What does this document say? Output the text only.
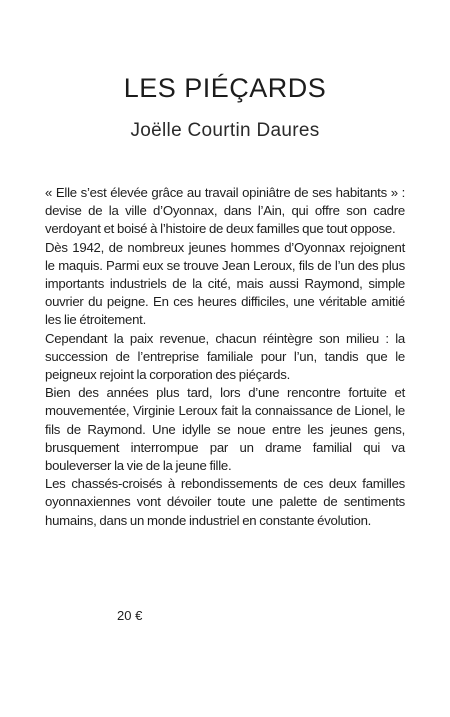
LES PIÉÇARDS
Joëlle Courtin Daures

« Elle s’est élevée grâce au travail opiniâtre de ses habitants » : devise de la ville d’Oyonnax, dans l’Ain, qui offre son cadre verdoyant et boisé à l’histoire de deux familles que tout oppose.

Dès 1942, de nombreux jeunes hommes d’Oyonnax rejoignent le maquis. Parmi eux se trouve Jean Leroux, fils de l’un des plus importants industriels de la cité, mais aussi Raymond, simple ouvrier du peigne. En ces heures difficiles, une véritable amitié les lie étroitement.

Cependant la paix revenue, chacun réintègre son milieu : la succession de l’entreprise familiale pour l’un, tandis que le peigneux rejoint la corporation des piéçards.

Bien des années plus tard, lors d’une rencontre fortuite et mouvementée, Virginie Leroux fait la connaissance de Lionel, le fils de Raymond. Une idylle se noue entre les jeunes gens, brusquement interrompue par un drame familial qui va bouleverser la vie de la jeune fille.

Les chassés-croisés à rebondissements de ces deux familles oyonnaxiennes vont dévoiler toute une palette de sentiments humains, dans un monde industriel en constante évolution.

20 €
